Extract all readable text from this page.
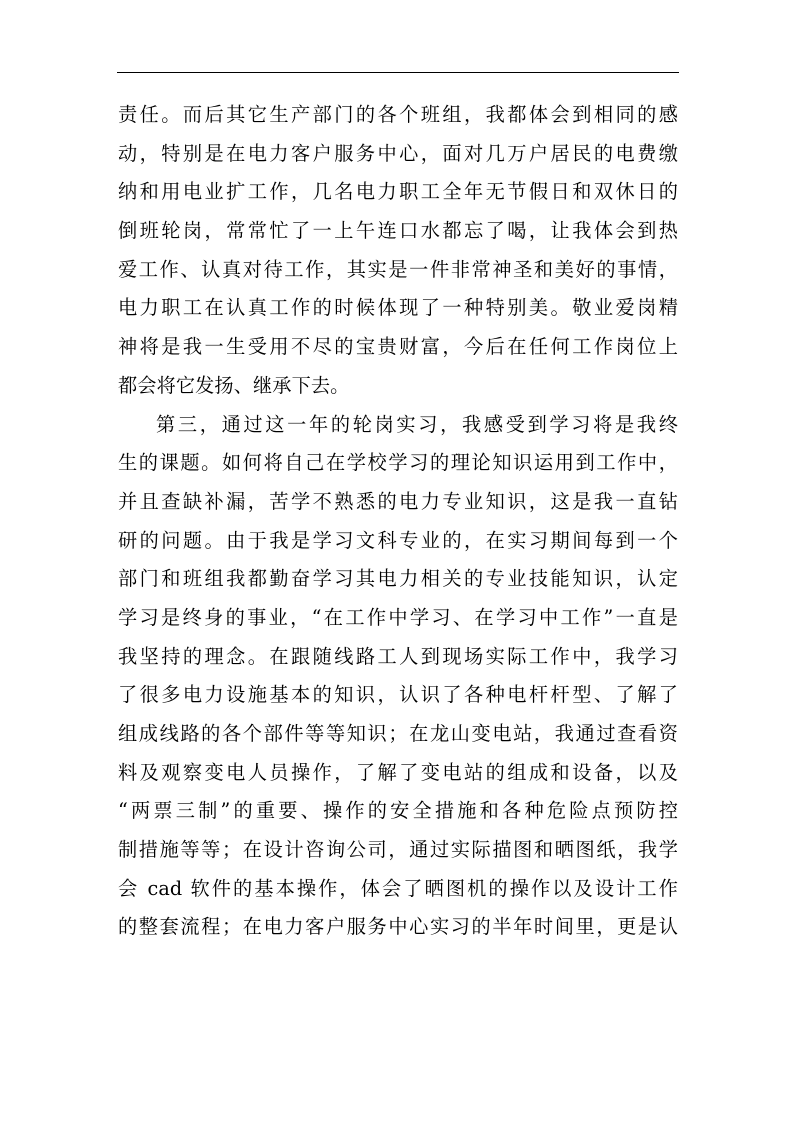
责任。而后其它生产部门的各个班组，我都体会到相同的感
动，特别是在电力客户服务中心，面对几万户居民的电费缴
纳和用电业扩工作，几名电力职工全年无节假日和双休日的
倒班轮岗，常常忙了一上午连口水都忘了喝，让我体会到热
爱工作、认真对待工作，其实是一件非常神圣和美好的事情，
电力职工在认真工作的时候体现了一种特别美。敬业爱岗精
神将是我一生受用不尽的宝贵财富，今后在任何工作岗位上
都会将它发扬、继承下去。
第三，通过这一年的轮岗实习，我感受到学习将是我终
生的课题。如何将自己在学校学习的理论知识运用到工作中，
并且查缺补漏，苦学不熟悉的电力专业知识，这是我一直钻
研的问题。由于我是学习文科专业的，在实习期间每到一个
部门和班组我都勤奋学习其电力相关的专业技能知识，认定
学习是终身的事业，“在工作中学习、在学习中工作”一直是
我坚持的理念。在跟随线路工人到现场实际工作中，我学习
了很多电力设施基本的知识，认识了各种电杆杆型、了解了
组成线路的各个部件等等知识；在龙山变电站，我通过查看资
料及观察变电人员操作，了解了变电站的组成和设备，以及
“两票三制”的重要、操作的安全措施和各种危险点预防控
制措施等等；在设计咨询公司，通过实际描图和晒图纸，我学
会 cad 软件的基本操作，体会了晒图机的操作以及设计工作
的整套流程；在电力客户服务中心实习的半年时间里，更是认
